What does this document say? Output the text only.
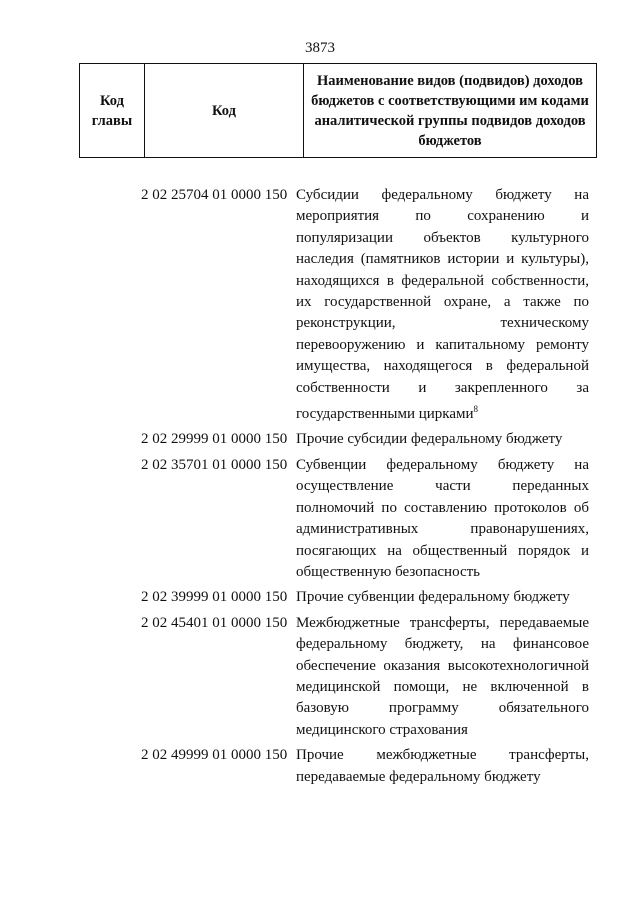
3873
Код главы	Код	Наименование видов (подвидов) доходов бюджетов с соответствующими им кодами аналитической группы подвидов доходов бюджетов
2 02 25704 01 0000 150 Субсидии федеральному бюджету на мероприятия по сохранению и популяризации объектов культурного наследия (памятников истории и культуры), находящихся в федеральной собственности, их государственной охране, а также по реконструкции, техническому перевооружению и капитальному ремонту имущества, находящегося в федеральной собственности и закрепленного за государственными цирками$^8$
2 02 29999 01 0000 150 Прочие субсидии федеральному бюджету
2 02 35701 01 0000 150 Субвенции федеральному бюджету на осуществление части переданных полномочий по составлению протоколов об административных правонарушениях, посягающих на общественный порядок и общественную безопасность
2 02 39999 01 0000 150 Прочие субвенции федеральному бюджету
2 02 45401 01 0000 150 Межбюджетные трансферты, передаваемые федеральному бюджету, на финансовое обеспечение оказания высокотехнологичной медицинской помощи, не включенной в базовую программу обязательного медицинского страхования
2 02 49999 01 0000 150 Прочие межбюджетные трансферты, передаваемые федеральному бюджету
